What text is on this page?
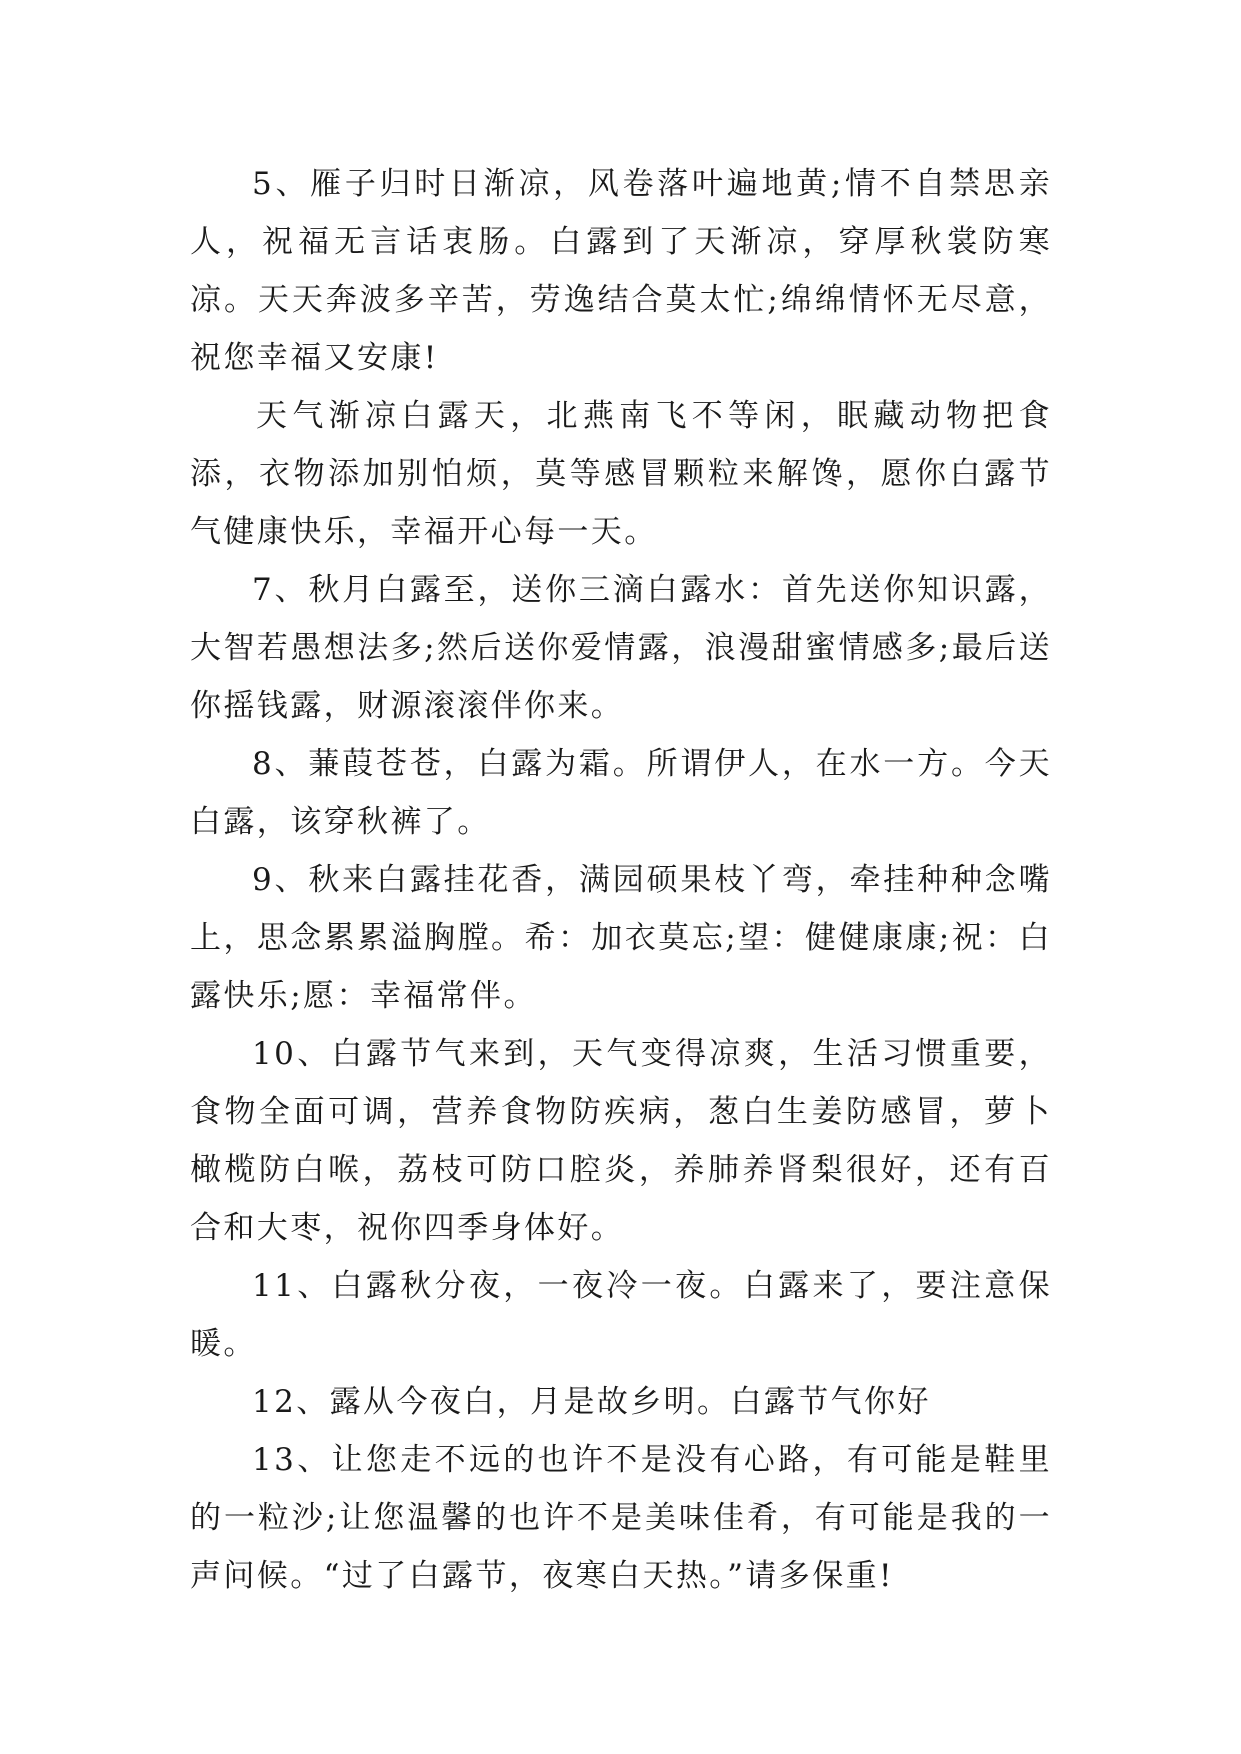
5、雁子归时日渐凉，风卷落叶遍地黄;情不自禁思亲人，祝福无言话衷肠。白露到了天渐凉，穿厚秋裳防寒凉。天天奔波多辛苦，劳逸结合莫太忙;绵绵情怀无尽意，祝您幸福又安康!

天气渐凉白露天，北燕南飞不等闲，眠藏动物把食添，衣物添加别怕烦，莫等感冒颗粒来解馋，愿你白露节气健康快乐，幸福开心每一天。

7、秋月白露至，送你三滴白露水：首先送你知识露，大智若愚想法多;然后送你爱情露，浪漫甜蜜情感多;最后送你摇钱露，财源滚滚伴你来。

8、蒹葭苍苍，白露为霜。所谓伊人，在水一方。今天白露，该穿秋裤了。

9、秋来白露挂花香，满园硕果枝丫弯，牵挂种种念嘴上，思念累累溢胸膛。希：加衣莫忘;望：健健康康;祝：白露快乐;愿：幸福常伴。

10、白露节气来到，天气变得凉爽，生活习惯重要，食物全面可调，营养食物防疾病，葱白生姜防感冒，萝卜橄榄防白喉，荔枝可防口腔炎，养肺养肾梨很好，还有百合和大枣，祝你四季身体好。

11、白露秋分夜，一夜冷一夜。白露来了，要注意保暖。

12、露从今夜白，月是故乡明。白露节气你好

13、让您走不远的也许不是没有心路，有可能是鞋里的一粒沙;让您温馨的也许不是美味佳肴，有可能是我的一声问候。“过了白露节，夜寒白天热。”请多保重!
